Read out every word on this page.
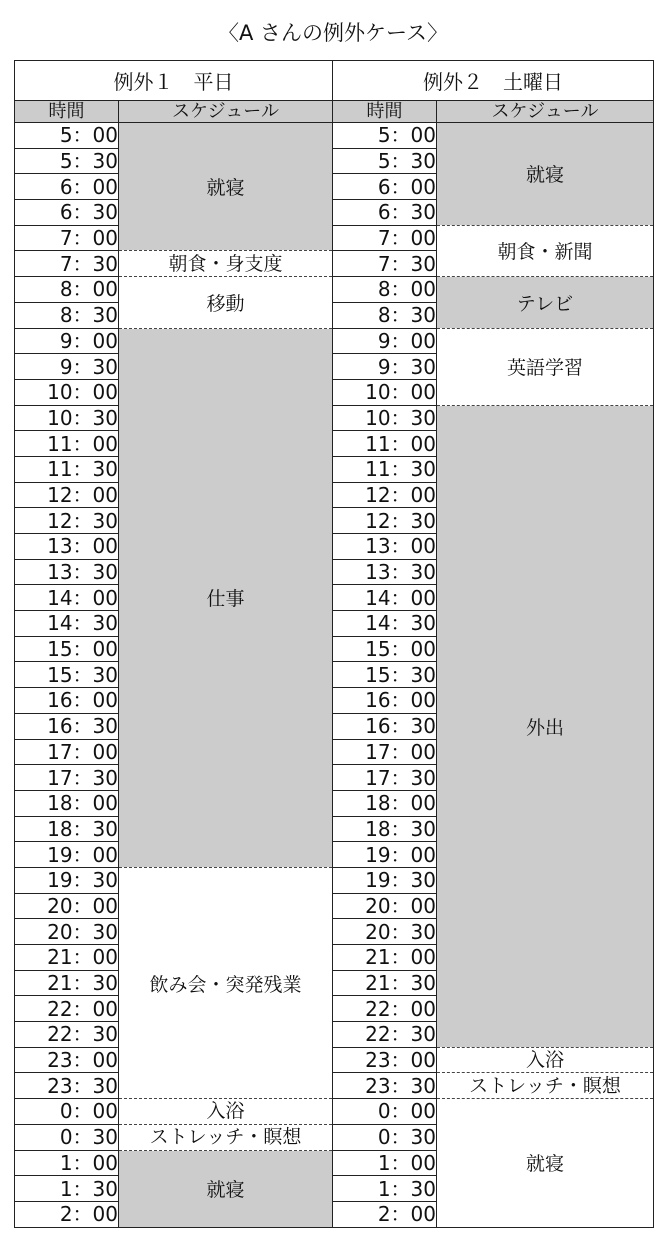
〈A さんの例外ケース〉
例外１　平日		例外２　土曜日	
時間	スケジュール	時間	スケジュール
5：00	就寝	5：00	就寝
5：30		5：30	
6：00		6：00	
6：30		6：30	
7：00		7：00	朝食・新聞
7：30	朝食・身支度	7：30	
8：00	移動	8：00	テレビ
8：30		8：30	
9：00	仕事	9：00	英語学習
9：30		9：30	
10：00		10：00	
10：30		10：30	外出
11：00		11：00	
11：30		11：30	
12：00		12：00	
12：30		12：30	
13：00		13：00	
13：30		13：30	
14：00		14：00	
14：30		14：30	
15：00		15：00	
15：30		15：30	
16：00		16：00	
16：30		16：30	
17：00		17：00	
17：30		17：30	
18：00		18：00	
18：30		18：30	
19：00		19：00	
19：30	飲み会・突発残業	19：30	
20：00		20：00	
20：30		20：30	
21：00		21：00	
21：30		21：30	
22：00		22：00	
22：30		22：30	
23：00		23：00	入浴
23：30		23：30	ストレッチ・瞑想
0：00	入浴	0：00	就寝
0：30	ストレッチ・瞑想	0：30	
1：00	就寝	1：00	
1：30		1：30	
2：00		2：00	
